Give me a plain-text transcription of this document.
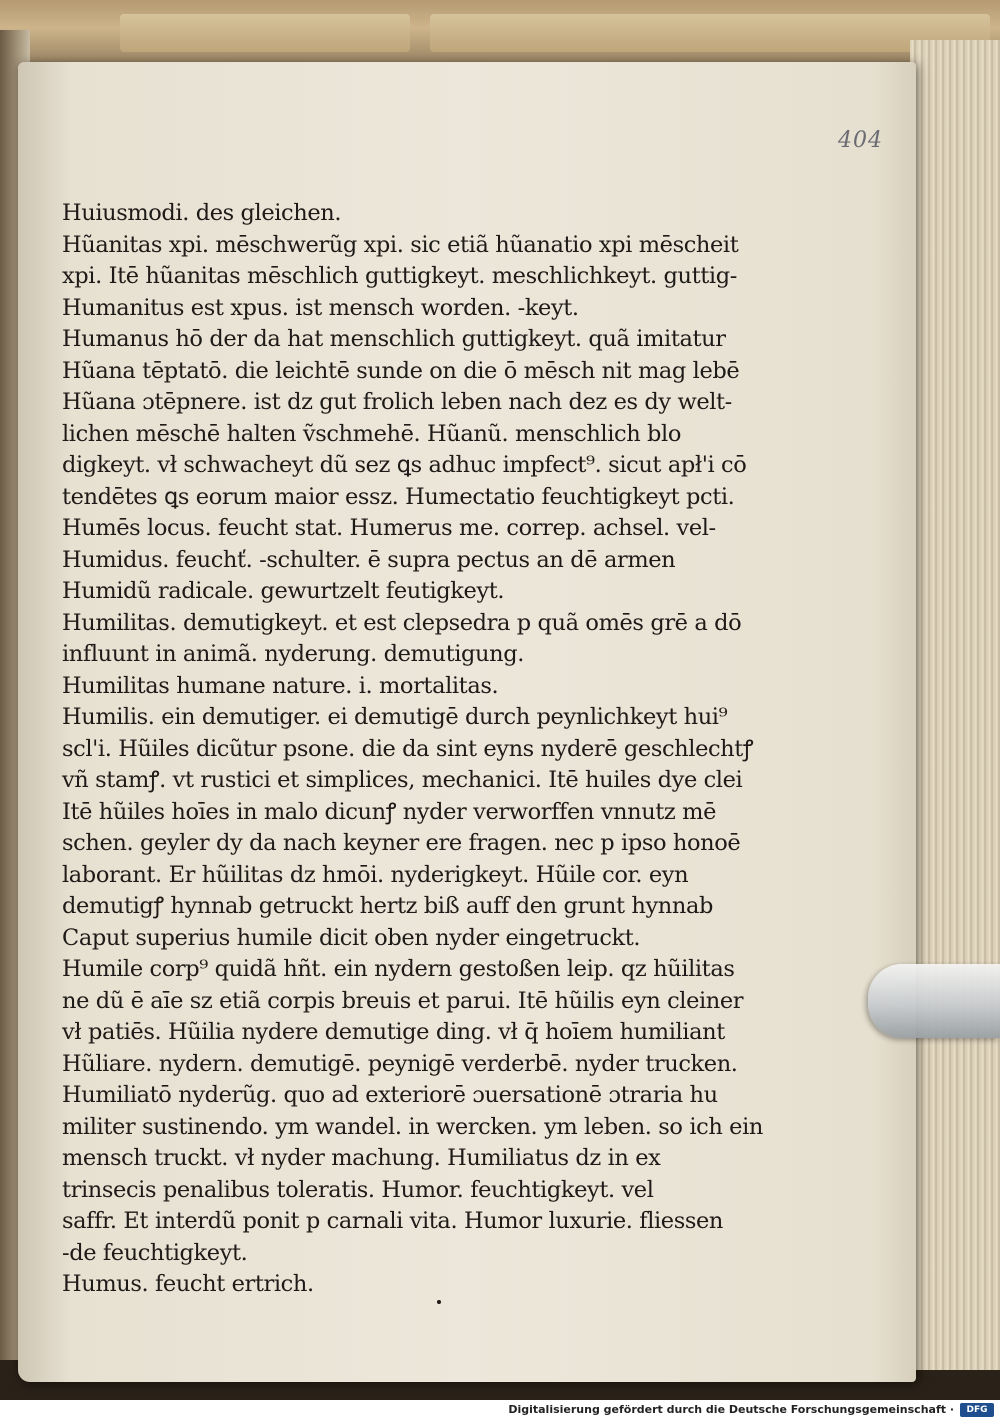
404
Huiusmodi. des gleichen.
Hũanitas xpi. mēschwerũg xpi. sic etiã hũanatio xpi mēscheit
xpi. Itē hũanitas mēschlich guttigkeyt. meschlichkeyt. guttig-
Humanitus est xpus. ist mensch worden. -keyt.
Humanus hō der da hat menschlich guttigkeyt. quã imitatur
Hũana tēptatō. die leichtē sunde on die ō mēsch nit mag lebē
Hũana ɔtēpnere. ist dz gut frolich leben nach dez es dy welt-
lichen mēschē halten ṽschmehē. Hũanũ. menschlich blo
digkeyt. vł schwacheyt dũ sez ꝗs adhuc impfect⁹. sicut apł'i cō
tendētes ꝗs eorum maior essz. Humectatio feuchtigkeyt pcti.
Humēs locus. feucht stat. Humerus me. correp. achsel. vel-
Humidus. feuchť. -schulter. ē supra pectus an dē armen
Humidũ radicale. gewurtzelt feutigkeyt.
Humilitas. demutigkeyt. et est clepsedra p quã omēs grē a dō
influunt in animã. nyderung. demutigung.
Humilitas humane nature. i. mortalitas.
Humilis. ein demutiger. ei demutigē durch peynlichkeyt hui⁹
scl'i. Hũiles dicũtur psone. die da sint eyns nyderē geschlechtꝭ
vñ stamꝭ. vt rustici et simplices, mechanici. Itē huiles dye clei
Itē hũiles hoīes in malo dicunꝭ nyder verworffen vnnutz mē
schen. geyler dy da nach keyner ere fragen. nec p ipso honoē
laborant. Er hũilitas dz hmōi. nyderigkeyt. Hũile cor. eyn
demutigꝭ hynnab getruckt hertz biß auff den grunt hynnab
Caput superius humile dicit oben nyder eingetruckt.
Humile corp⁹ quidã hñt. ein nydern gestoßen leip. qz hũilitas
ne dũ ē aīe sz etiã corpis breuis et parui. Itē hũilis eyn cleiner
vł patiēs. Hũilia nydere demutige ding. vł q̄ hoīem humiliant
Hũliare. nydern. demutigē. peynigē verderbē. nyder trucken.
Humiliatō nyderũg. quo ad exteriorē ɔuersationē ɔtraria hu
militer sustinendo. ym wandel. in wercken. ym leben. so ich ein
mensch truckt. vł nyder machung. Humiliatus dz in ex
trinsecis penalibus toleratis. Humor. feuchtigkeyt. vel
saffr. Et interdũ ponit p carnali vita. Humor luxurie. fliessen
-de feuchtigkeyt.
Humus. feucht ertrich.
Digitalisierung gefördert durch die Deutsche Forschungsgemeinschaft ·	DFG
